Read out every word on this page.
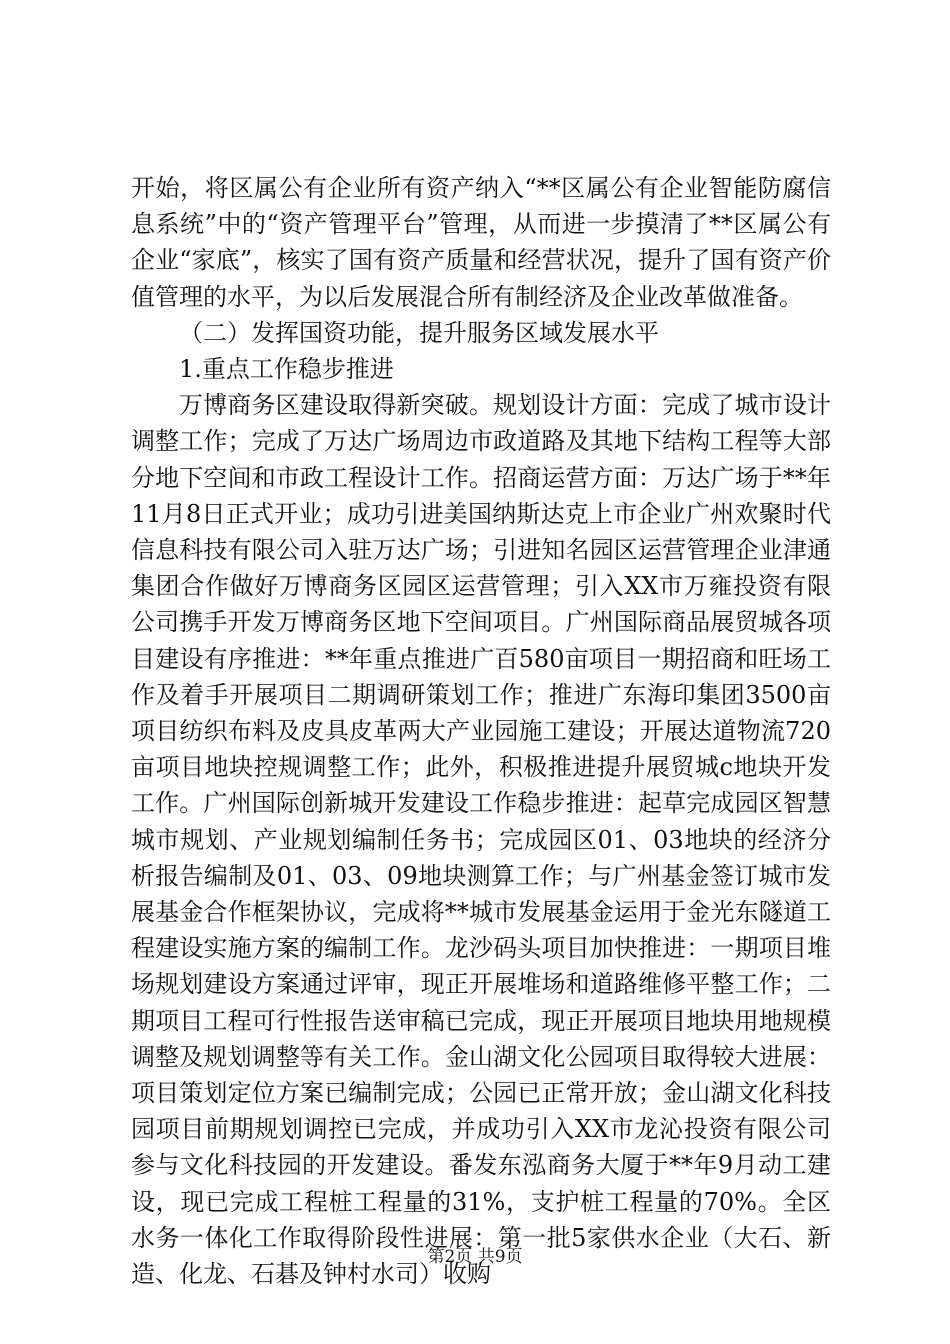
开始，将区属公有企业所有资产纳入“**区属公有企业智能防腐信息系统”中的“资产管理平台”管理，从而进一步摸清了**区属公有企业“家底”，核实了国有资产质量和经营状况，提升了国有资产价值管理的水平，为以后发展混合所有制经济及企业改革做准备。

（二）发挥国资功能，提升服务区域发展水平

1.重点工作稳步推进

万博商务区建设取得新突破。规划设计方面：完成了城市设计调整工作；完成了万达广场周边市政道路及其地下结构工程等大部分地下空间和市政工程设计工作。招商运营方面：万达广场于**年11月8日正式开业；成功引进美国纳斯达克上市企业广州欢聚时代信息科技有限公司入驻万达广场；引进知名园区运营管理企业津通集团合作做好万博商务区园区运营管理；引入XX市万雍投资有限公司携手开发万博商务区地下空间项目。广州国际商品展贸城各项目建设有序推进：**年重点推进广百580亩项目一期招商和旺场工作及着手开展项目二期调研策划工作；推进广东海印集团3500亩项目纺织布料及皮具皮革两大产业园施工建设；开展达道物流720亩项目地块控规调整工作；此外，积极推进提升展贸城c地块开发工作。广州国际创新城开发建设工作稳步推进：起草完成园区智慧城市规划、产业规划编制任务书；完成园区01、03地块的经济分析报告编制及01、03、09地块测算工作；与广州基金签订城市发展基金合作框架协议，完成将**城市发展基金运用于金光东隧道工程建设实施方案的编制工作。龙沙码头项目加快推进：一期项目堆场规划建设方案通过评审，现正开展堆场和道路维修平整工作；二期项目工程可行性报告送审稿已完成，现正开展项目地块用地规模调整及规划调整等有关工作。金山湖文化公园项目取得较大进展：项目策划定位方案已编制完成；公园已正常开放；金山湖文化科技园项目前期规划调控已完成，并成功引入XX市龙沁投资有限公司参与文化科技园的开发建设。番发东泓商务大厦于**年9月动工建设，现已完成工程桩工程量的31%，支护桩工程量的70%。全区水务一体化工作取得阶段性进展：第一批5家供水企业（大石、新造、化龙、石碁及钟村水司）收购

第2页 共9页
